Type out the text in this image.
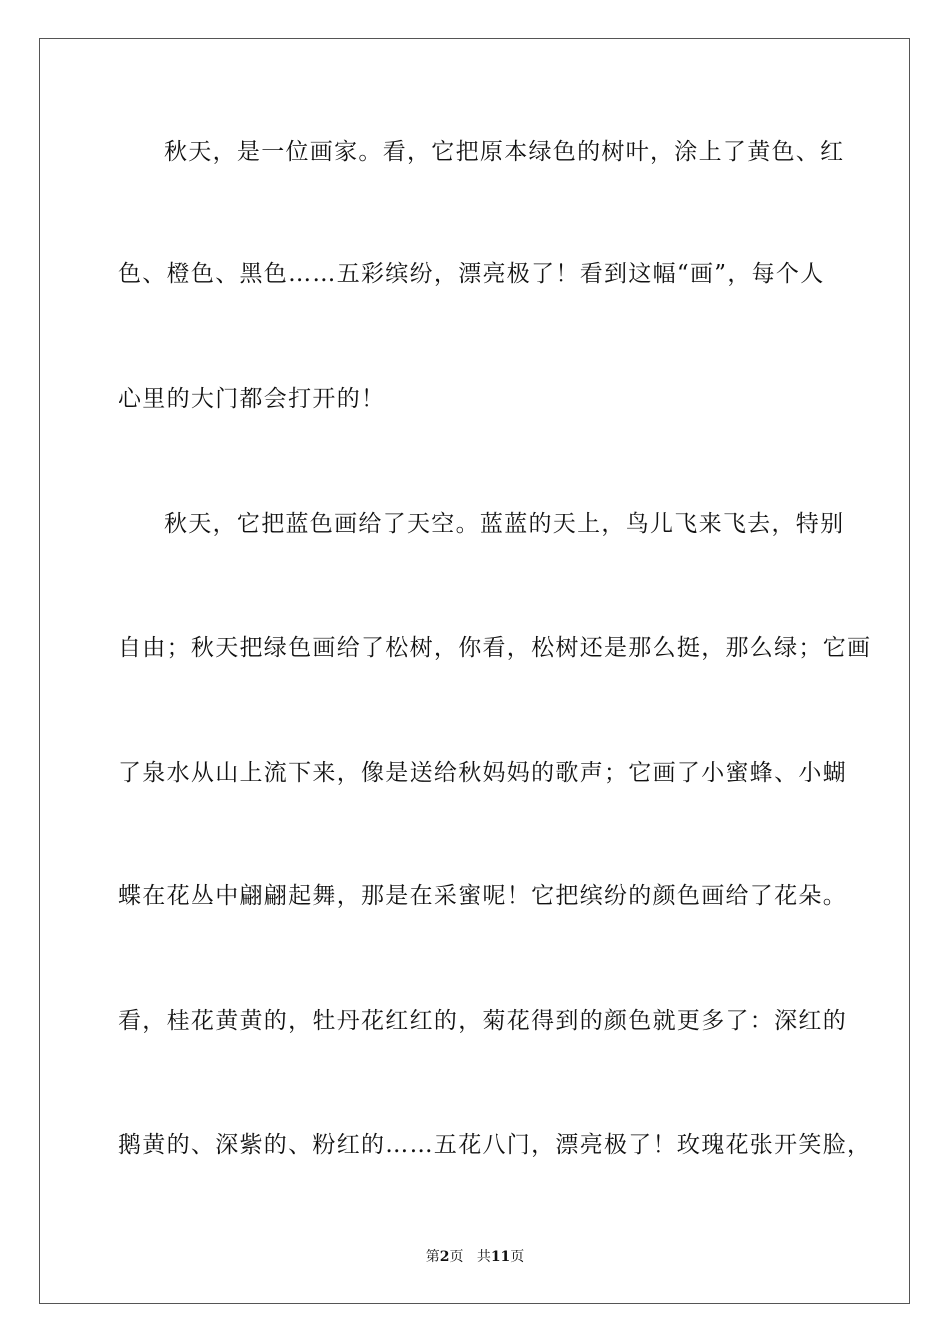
秋天，是一位画家。看，它把原本绿色的树叶，涂上了黄色、红
色、橙色、黑色……五彩缤纷，漂亮极了！看到这幅“画”，每个人
心里的大门都会打开的！
秋天，它把蓝色画给了天空。蓝蓝的天上，鸟儿飞来飞去，特别
自由；秋天把绿色画给了松树，你看，松树还是那么挺，那么绿；它画
了泉水从山上流下来，像是送给秋妈妈的歌声；它画了小蜜蜂、小蝴
蝶在花丛中翩翩起舞，那是在采蜜呢！它把缤纷的颜色画给了花朵。
看，桂花黄黄的，牡丹花红红的，菊花得到的颜色就更多了：深红的
鹅黄的、深紫的、粉红的……五花八门，漂亮极了！玫瑰花张开笑脸，
第2页 共11页
